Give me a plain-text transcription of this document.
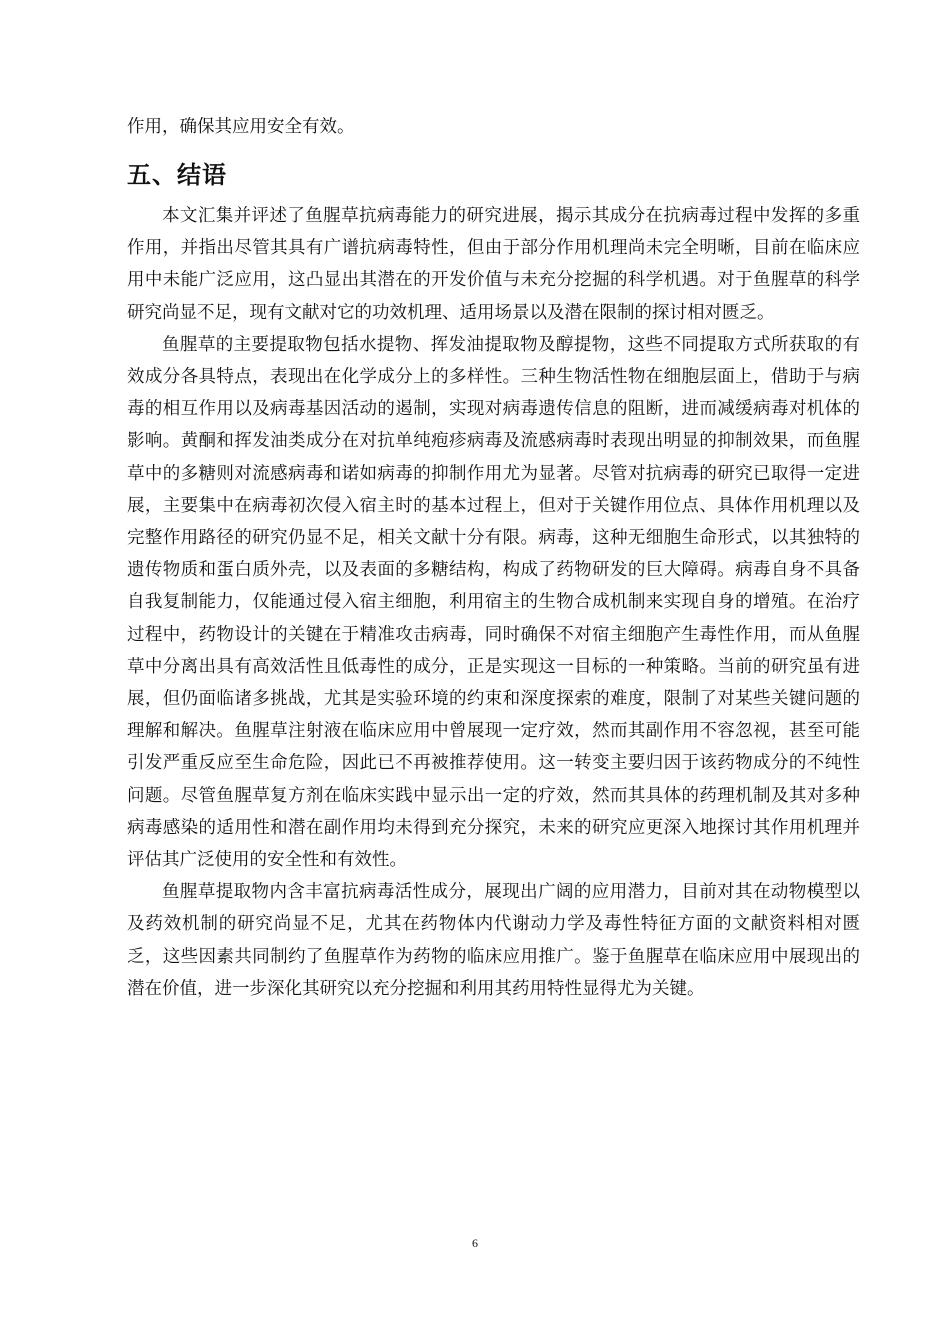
作用，确保其应用安全有效。

五、结语

本文汇集并评述了鱼腥草抗病毒能力的研究进展，揭示其成分在抗病毒过程中发挥的多重作用，并指出尽管其具有广谱抗病毒特性，但由于部分作用机理尚未完全明晰，目前在临床应用中未能广泛应用，这凸显出其潜在的开发价值与未充分挖掘的科学机遇。对于鱼腥草的科学研究尚显不足，现有文献对它的功效机理、适用场景以及潜在限制的探讨相对匮乏。

鱼腥草的主要提取物包括水提物、挥发油提取物及醇提物，这些不同提取方式所获取的有效成分各具特点，表现出在化学成分上的多样性。三种生物活性物在细胞层面上，借助于与病毒的相互作用以及病毒基因活动的遏制，实现对病毒遗传信息的阻断，进而减缓病毒对机体的影响。黄酮和挥发油类成分在对抗单纯疱疹病毒及流感病毒时表现出明显的抑制效果，而鱼腥草中的多糖则对流感病毒和诺如病毒的抑制作用尤为显著。尽管对抗病毒的研究已取得一定进展，主要集中在病毒初次侵入宿主时的基本过程上，但对于关键作用位点、具体作用机理以及完整作用路径的研究仍显不足，相关文献十分有限。病毒，这种无细胞生命形式，以其独特的遗传物质和蛋白质外壳，以及表面的多糖结构，构成了药物研发的巨大障碍。病毒自身不具备自我复制能力，仅能通过侵入宿主细胞，利用宿主的生物合成机制来实现自身的增殖。在治疗过程中，药物设计的关键在于精准攻击病毒，同时确保不对宿主细胞产生毒性作用，而从鱼腥草中分离出具有高效活性且低毒性的成分，正是实现这一目标的一种策略。当前的研究虽有进展，但仍面临诸多挑战，尤其是实验环境的约束和深度探索的难度，限制了对某些关键问题的理解和解决。鱼腥草注射液在临床应用中曾展现一定疗效，然而其副作用不容忽视，甚至可能引发严重反应至生命危险，因此已不再被推荐使用。这一转变主要归因于该药物成分的不纯性问题。尽管鱼腥草复方剂在临床实践中显示出一定的疗效，然而其具体的药理机制及其对多种病毒感染的适用性和潜在副作用均未得到充分探究，未来的研究应更深入地探讨其作用机理并评估其广泛使用的安全性和有效性。

鱼腥草提取物内含丰富抗病毒活性成分，展现出广阔的应用潜力，目前对其在动物模型以及药效机制的研究尚显不足，尤其在药物体内代谢动力学及毒性特征方面的文献资料相对匮乏，这些因素共同制约了鱼腥草作为药物的临床应用推广。鉴于鱼腥草在临床应用中展现出的潜在价值，进一步深化其研究以充分挖掘和利用其药用特性显得尤为关键。

6
